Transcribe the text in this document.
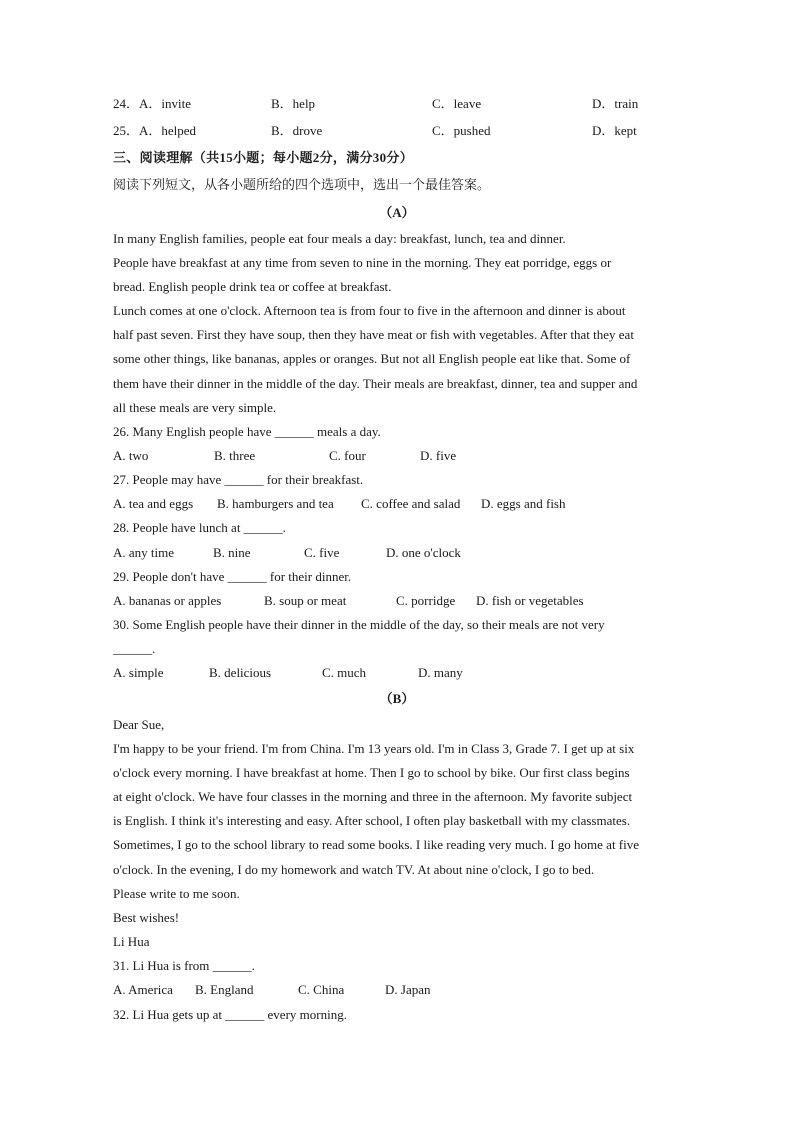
24．A．invite	B．help	C．leave	D．train
25．A．helped	B．drove	C．pushed	D．kept
三、阅读理解（共15小题；每小题2分，满分30分）
阅读下列短文，从各小题所给的四个选项中，选出一个最佳答案。
（A）
In many English families, people eat four meals a day: breakfast, lunch, tea and dinner.
People have breakfast at any time from seven to nine in the morning. They eat porridge, eggs or
bread. English people drink tea or coffee at breakfast.
Lunch comes at one o'clock. Afternoon tea is from four to five in the afternoon and dinner is about
half past seven. First they have soup, then they have meat or fish with vegetables. After that they eat
some other things, like bananas, apples or oranges. But not all English people eat like that. Some of
them have their dinner in the middle of the day. Their meals are breakfast, dinner, tea and supper and
all these meals are very simple.
26. Many English people have ______ meals a day.
A. two	B. three	C. four	D. five
27. People may have ______ for their breakfast.
A. tea and eggs B. hamburgers and tea C. coffee and salad D. eggs and fish
28. People have lunch at ______.
A. any time	B. nine	C. five	D. one o'clock
29. People don't have ______ for their dinner.
A. bananas or apples	B. soup or meat	C. porridge D. fish or vegetables
30. Some English people have their dinner in the middle of the day, so their meals are not very
______.
A. simple	B. delicious	C. much	D. many
（B）
Dear Sue,
I'm happy to be your friend. I'm from China. I'm 13 years old. I'm in Class 3, Grade 7. I get up at six
o'clock every morning. I have breakfast at home. Then I go to school by bike. Our first class begins
at eight o'clock. We have four classes in the morning and three in the afternoon. My favorite subject
is English. I think it's interesting and easy. After school, I often play basketball with my classmates.
Sometimes, I go to the school library to read some books. I like reading very much. I go home at five
o'clock. In the evening, I do my homework and watch TV. At about nine o'clock, I go to bed.
Please write to me soon.
Best wishes!
Li Hua
31. Li Hua is from ______.
A. America B. England	C. China	D. Japan
32. Li Hua gets up at ______ every morning.
